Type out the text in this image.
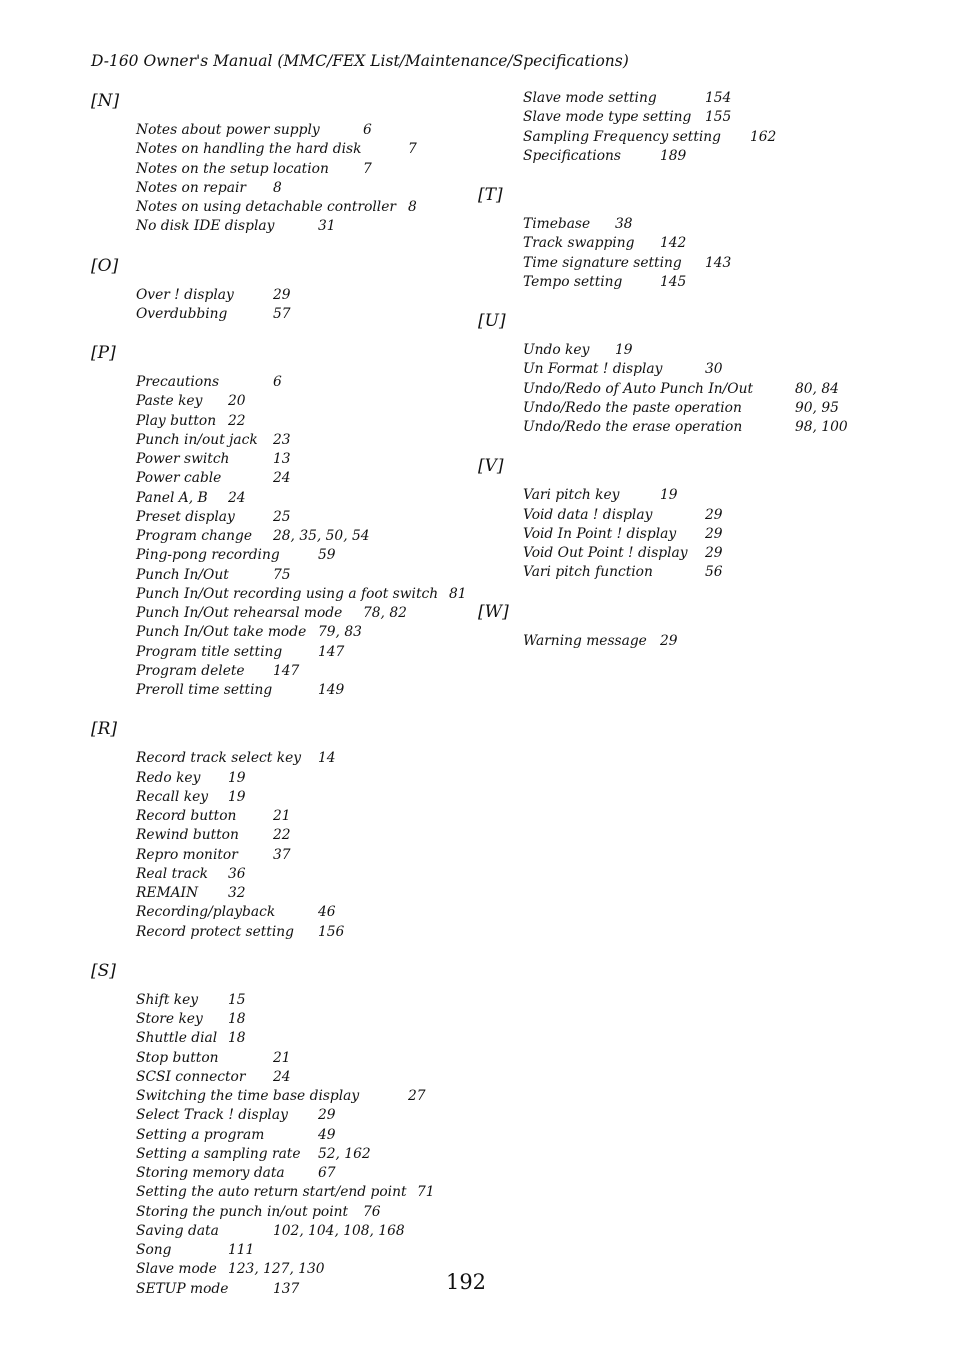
D-160 Owner's Manual (MMC/FEX List/Maintenance/Specifications)
[N]
Notes about power supply	6
Notes on handling the hard disk	7
Notes on the setup location 7
Notes on repair 8
Notes on using detachable controller 8
No disk IDE display	31
[O]
Over ! display	29
Overdubbing	57
[P]
Precautions	6
Paste key 20
Play button 22
Punch in/out jack 23
Power switch	13
Power cable	24
Panel A, B 24
Preset display	25
Program change 28, 35, 50, 54
Ping-pong recording	59
Punch In/Out	75
Punch In/Out recording using a foot switch 81
Punch In/Out rehearsal mode 78, 82
Punch In/Out take mode 79, 83
Program title setting	147
Program delete 147
Preroll time setting	149
[R]
Record track select key 14
Redo key 19
Recall key 19
Record button	21
Rewind button 22
Repro monitor	37
Real track 36
REMAIN 32
Recording/playback	46
Record protect setting 156
[S]
Shift key 15
Store key 18
Shuttle dial 18
Stop button	21
SCSI connector 24
Switching the time base display	27
Select Track ! display 29
Setting a program	49
Setting a sampling rate 52, 162
Storing memory data 67
Setting the auto return start/end point 71
Storing the punch in/out point 76
Saving data	102, 104, 108, 168
Song	111
Slave mode 123, 127, 130
SETUP mode	137
Slave mode setting	154
Slave mode type setting 155
Sampling Frequency setting 162
Specifications	189
[T]
Timebase 38
Track swapping 142
Time signature setting 143
Tempo setting	145
[U]
Undo key 19
Un Format ! display	30
Undo/Redo of Auto Punch In/Out	80, 84
Undo/Redo the paste operation	90, 95
Undo/Redo the erase operation	98, 100
[V]
Vari pitch key	19
Void data ! display	29
Void In Point ! display 29
Void Out Point ! display 29
Vari pitch function	56
[W]
Warning message 29
192
